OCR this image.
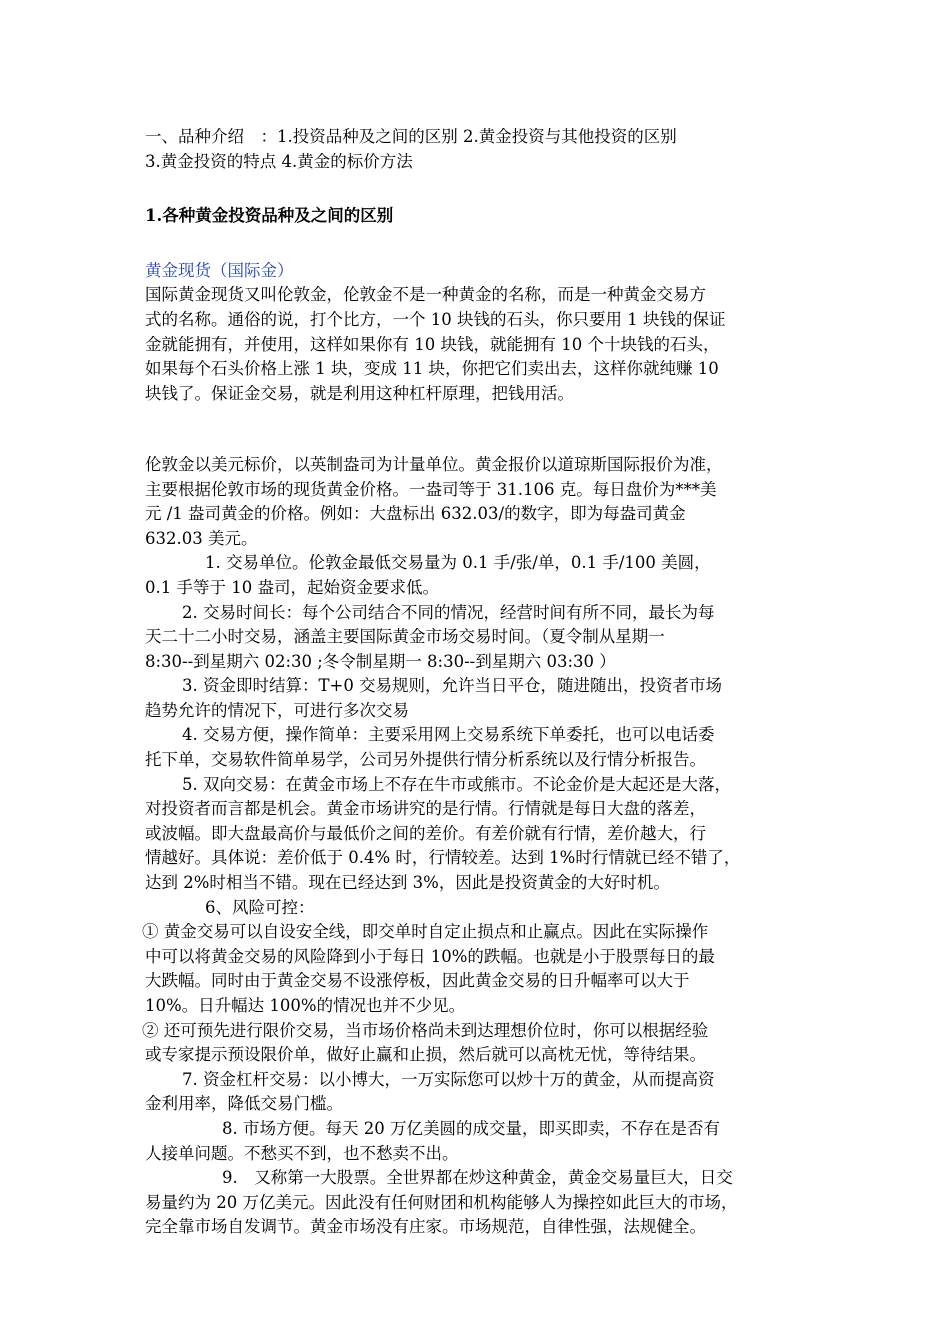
一、品种介绍　：1.投资品种及之间的区别 2.黄金投资与其他投资的区别

3.黄金投资的特点 4.黄金的标价方法

1.各种黄金投资品种及之间的区别

黄金现货（国际金）

国际黄金现货又叫伦敦金，伦敦金不是一种黄金的名称，而是一种黄金交易方

式的名称。通俗的说，打个比方，一个 10 块钱的石头，你只要用 1 块钱的保证

金就能拥有，并使用，这样如果你有 10 块钱，就能拥有 10 个十块钱的石头，

如果每个石头价格上涨 1 块，变成 11 块，你把它们卖出去，这样你就纯赚 10

块钱了。保证金交易，就是利用这种杠杆原理，把钱用活。

伦敦金以美元标价，以英制盎司为计量单位。黄金报价以道琼斯国际报价为准，

主要根据伦敦市场的现货黄金价格。一盎司等于 31.106 克。每日盘价为***美

元 /1 盎司黄金的价格。例如：大盘标出 632.03/的数字，即为每盎司黄金

632.03 美元。

1. 交易单位。伦敦金最低交易量为 0.1 手/张/单，0.1 手/100 美圆，

0.1 手等于 10 盎司，起始资金要求低。

2. 交易时间长：每个公司结合不同的情况，经营时间有所不同，最长为每

天二十二小时交易，涵盖主要国际黄金市场交易时间。（夏令制从星期一

8:30--到星期六 02:30 ;冬令制星期一 8:30--到星期六 03:30 ）

3. 资金即时结算：T+0 交易规则，允许当日平仓，随进随出，投资者市场

趋势允许的情况下，可进行多次交易

4. 交易方便，操作简单：主要采用网上交易系统下单委托，也可以电话委

托下单，交易软件简单易学，公司另外提供行情分析系统以及行情分析报告。

5. 双向交易：在黄金市场上不存在牛市或熊市。不论金价是大起还是大落，

对投资者而言都是机会。黄金市场讲究的是行情。行情就是每日大盘的落差，

或波幅。即大盘最高价与最低价之间的差价。有差价就有行情，差价越大，行

情越好。具体说：差价低于 0.4% 时，行情较差。达到 1%时行情就已经不错了，

达到 2%时相当不错。现在已经达到 3%，因此是投资黄金的大好时机。

6、风险可控：

① 黄金交易可以自设安全线，即交单时自定止损点和止赢点。因此在实际操作

中可以将黄金交易的风险降到小于每日 10%的跌幅。也就是小于股票每日的最

大跌幅。同时由于黄金交易不设涨停板，因此黄金交易的日升幅率可以大于

10%。日升幅达 100%的情况也并不少见。

② 还可预先进行限价交易，当市场价格尚未到达理想价位时，你可以根据经验

或专家提示预设限价单，做好止赢和止损，然后就可以高枕无忧，等待结果。

7. 资金杠杆交易：以小博大，一万实际您可以炒十万的黄金，从而提高资

金利用率，降低交易门槛。

8. 市场方便。每天 20 万亿美圆的成交量，即买即卖，不存在是否有

人接单问题。不愁买不到，也不愁卖不出。

9.　又称第一大股票。全世界都在炒这种黄金，黄金交易量巨大，日交

易量约为 20 万亿美元。因此没有任何财团和机构能够人为操控如此巨大的市场，

完全靠市场自发调节。黄金市场没有庄家。市场规范，自律性强，法规健全。
